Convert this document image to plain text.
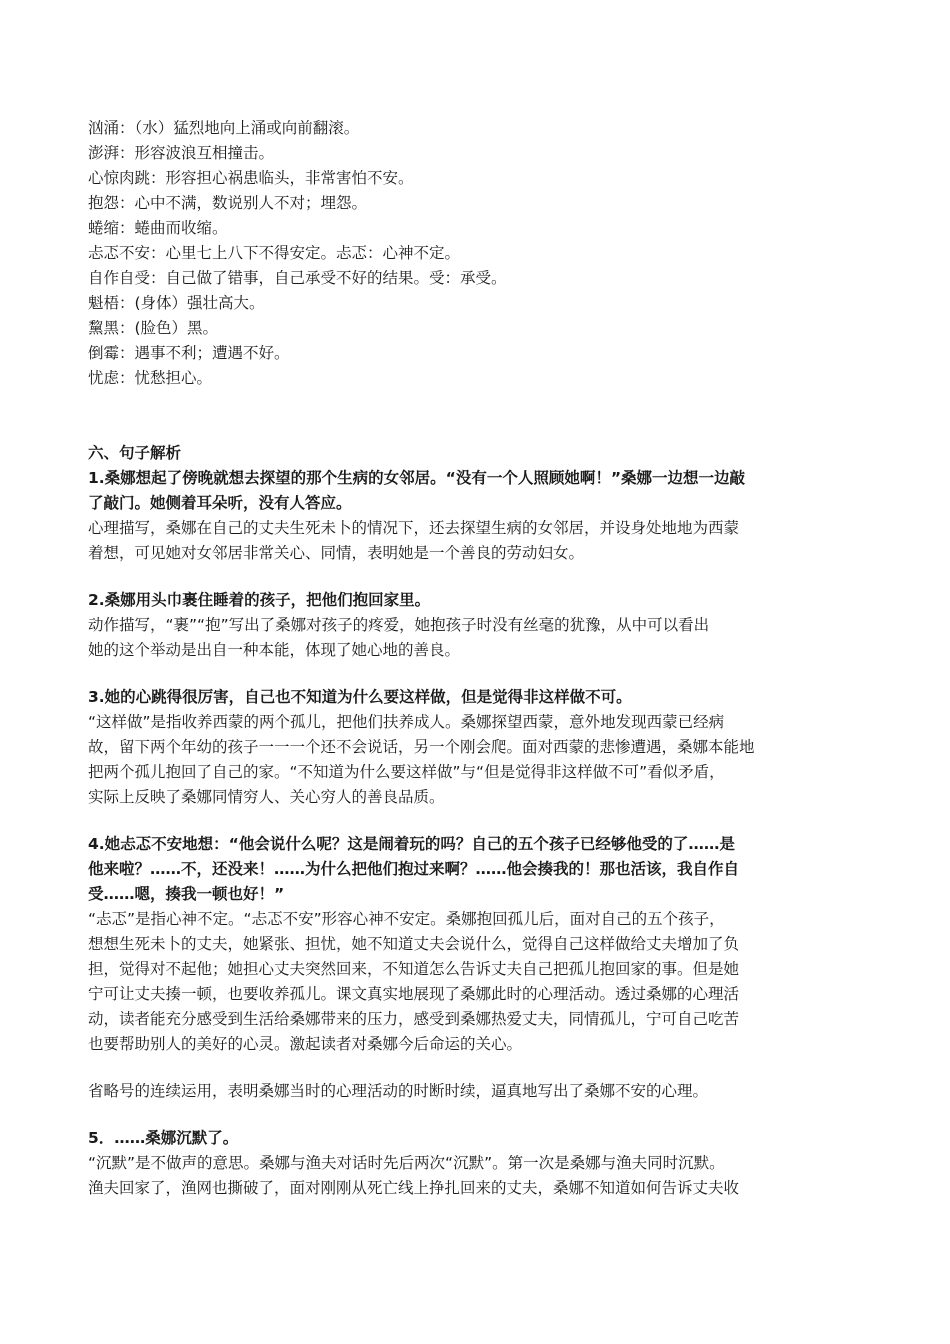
汹涌：（水）猛烈地向上涌或向前翻滚。
澎湃：形容波浪互相撞击。
心惊肉跳：形容担心祸患临头，非常害怕不安。
抱怨：心中不满，数说别人不对；埋怨。
蜷缩：蜷曲而收缩。
忐忑不安：心里七上八下不得安定。忐忑：心神不定。
自作自受：自己做了错事，自己承受不好的结果。受：承受。
魁梧：(身体）强壮高大。
黧黑：(脸色）黑。
倒霉：遇事不利；遭遇不好。
忧虑：忧愁担心。
六、句子解析
1.桑娜想起了傍晚就想去探望的那个生病的女邻居。“没有一个人照顾她啊！”桑娜一边想一边敲
了敲门。她侧着耳朵听，没有人答应。
心理描写，桑娜在自己的丈夫生死未卜的情况下，还去探望生病的女邻居，并设身处地地为西蒙
着想，可见她对女邻居非常关心、同情，表明她是一个善良的劳动妇女。
2.桑娜用头巾裹住睡着的孩子，把他们抱回家里。
动作描写，“裹”“抱”写出了桑娜对孩子的疼爱，她抱孩子时没有丝毫的犹豫，从中可以看出
她的这个举动是出自一种本能，体现了她心地的善良。
3.她的心跳得很厉害，自己也不知道为什么要这样做，但是觉得非这样做不可。
“这样做”是指收养西蒙的两个孤儿，把他们扶养成人。桑娜探望西蒙，意外地发现西蒙已经病
故，留下两个年幼的孩子一一一个还不会说话，另一个刚会爬。面对西蒙的悲惨遭遇，桑娜本能地
把两个孤儿抱回了自己的家。“不知道为什么要这样做”与“但是觉得非这样做不可”看似矛盾，
实际上反映了桑娜同情穷人、关心穷人的善良品质。
4.她忐忑不安地想：“他会说什么呢？这是闹着玩的吗？自己的五个孩子已经够他受的了……是
他来啦？……不，还没来！……为什么把他们抱过来啊？……他会揍我的！那也活该，我自作自
受……嗯，揍我一顿也好！”
“忐忑”是指心神不定。“忐忑不安”形容心神不安定。桑娜抱回孤儿后，面对自己的五个孩子，
想想生死未卜的丈夫，她紧张、担忧，她不知道丈夫会说什么，觉得自己这样做给丈夫增加了负
担，觉得对不起他；她担心丈夫突然回来，不知道怎么告诉丈夫自己把孤儿抱回家的事。但是她
宁可让丈夫揍一顿，也要收养孤儿。课文真实地展现了桑娜此时的心理活动。透过桑娜的心理活
动，读者能充分感受到生活给桑娜带来的压力，感受到桑娜热爱丈夫，同情孤儿，宁可自己吃苦
也要帮助别人的美好的心灵。激起读者对桑娜今后命运的关心。
省略号的连续运用，表明桑娜当时的心理活动的时断时续，逼真地写出了桑娜不安的心理。
5．……桑娜沉默了。
“沉默”是不做声的意思。桑娜与渔夫对话时先后两次“沉默”。第一次是桑娜与渔夫同时沉默。
渔夫回家了，渔网也撕破了，面对刚刚从死亡线上挣扎回来的丈夫，桑娜不知道如何告诉丈夫收
